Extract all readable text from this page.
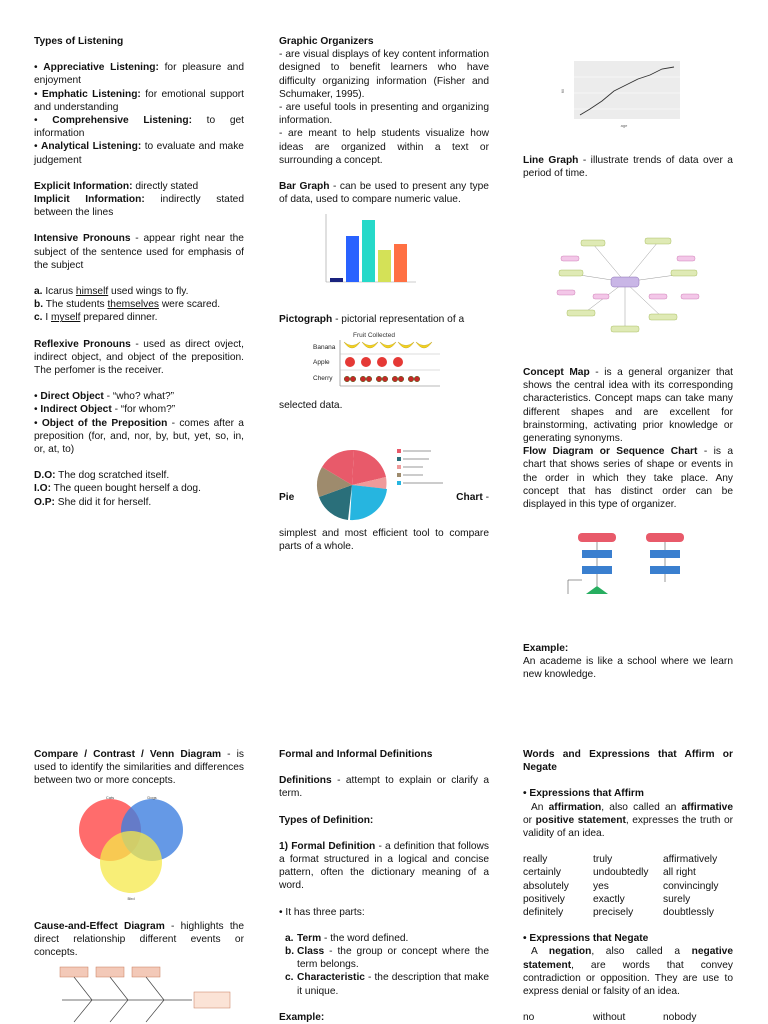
Types of Listening
• Appreciative Listening: for pleasure and enjoyment
• Emphatic Listening: for emotional support and understanding
• Comprehensive Listening: to get information
• Analytical Listening: to evaluate and make judgement
Explicit Information: directly stated
Implicit Information: indirectly stated between the lines
Intensive Pronouns - appear right near the subject of the sentence used for emphasis of the subject
a. Icarus himself used wings to fly.
b. The students themselves were scared.
c. I myself prepared dinner.
Reflexive Pronouns - used as direct ovject, indirect object, and object of the preposition. The perfomer is the receiver.
• Direct Object - “who? what?”
• Indirect Object - “for whom?”
• Object of the Preposition - comes after a preposition (for, and, nor, by, but, yet, so, in, or, at, to)
D.O: The dog scratched itself.
I.O: The queen bought herself a dog.
O.P: She did it for herself.
Graphic Organizers
- are visual displays of key content information designed to benefit learners who have difficulty organizing information (Fisher and Schumaker, 1995).
- are useful tools in presenting and organizing information.
- are meant to help students visualize how ideas are organized within a text or surrounding a concept.
Bar Graph - can be used to present any type of data, used to compare numeric value.
Pictograph - pictorial representation of a
Fruit Collected
Banana
Apple
Cherry
selected data.
Pie	Chart -
simplest and most efficient tool to compare parts of a whole.
fill
age
Line Graph - illustrate trends of data over a period of time.
Concept Map - is a general organizer that shows the central idea with its corresponding characteristics. Concept maps can take many different shapes and are excellent for brainstorming, activating prior knowledge or generating synonyms.
Flow Diagram or Sequence Chart - is a chart that shows series of shape or events in the order in which they take place. Any concept that has distinct order can be displayed in this type of organizer.
Example:
An academe is like a school where we learn new knowledge.
Compare / Contrast / Venn Diagram - is used to identify the similarities and differences between two or more concepts.
Cats	Dogs
Bird
Cause-and-Effect Diagram - highlights the direct relationship different events or concepts.
Formal and Informal Definitions
Definitions - attempt to explain or clarify a term.
Types of Definition:
1) Formal Definition - a definition that follows a format structured in a logical and concise pattern, often the dictionary meaning of a word.
• It has three parts:
a. Term - the word defined.
b. Class - the group or concept where the term belongs.
c. Characteristic - the description that make it unique.
Example:
Words and Expressions that Affirm or Negate
• Expressions that Affirm
An affirmation, also called an affirmative or positive statement, expresses the truth or validity of an idea.
really	truly	affirmatively
certainly	undoubtedly	all right
absolutely	yes	convincingly
positively	exactly	surely
definitely	precisely	doubtlessly
• Expressions that Negate
A negation, also called a negative statement, are words that convey contradiction or opposition. They are use to express denial or falsity of an idea.
no	without	nobody
